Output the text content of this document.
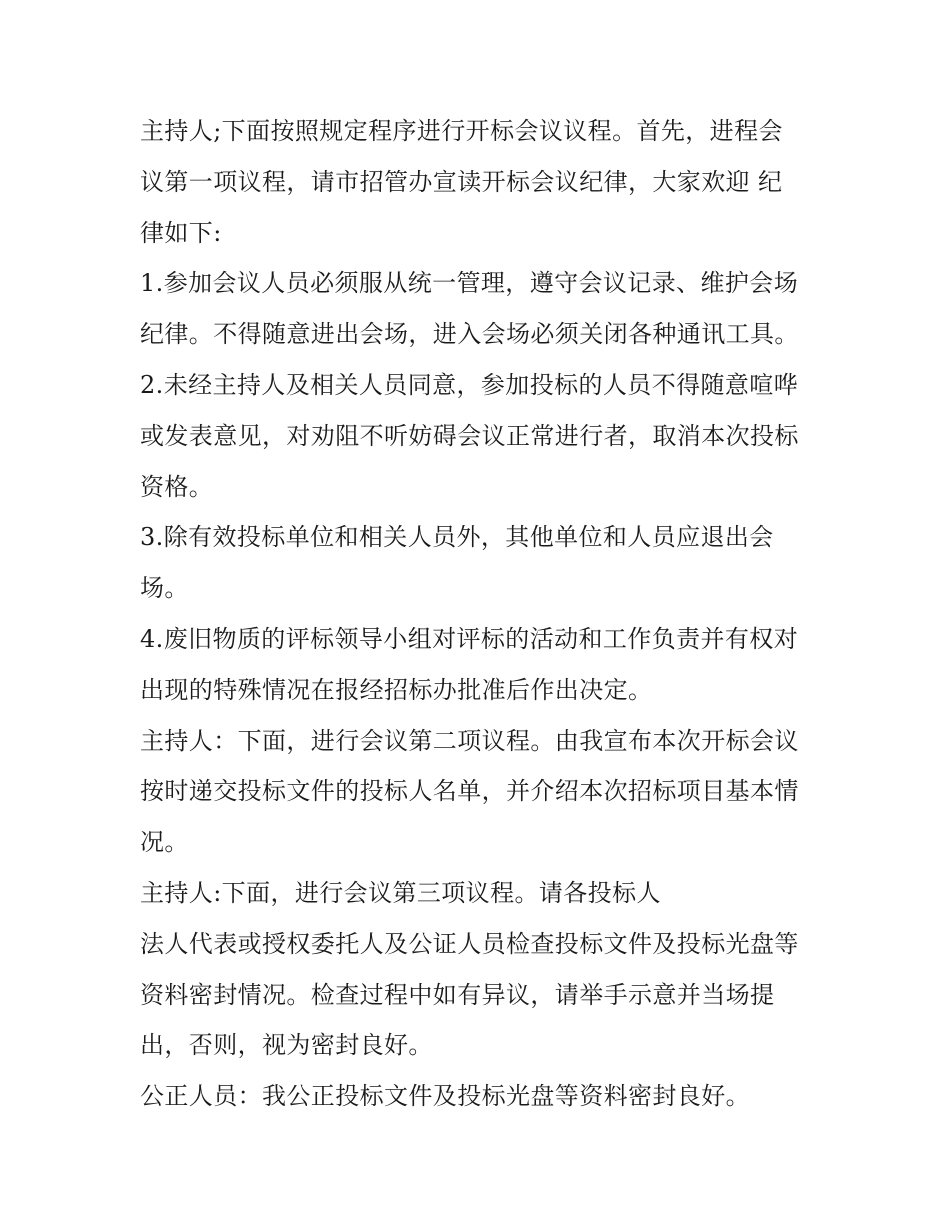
主持人;下面按照规定程序进行开标会议议程。首先，进程会
议第一项议程，请市招管办宣读开标会议纪律，大家欢迎 纪
律如下:
1.参加会议人员必须服从统一管理，遵守会议记录、维护会场
纪律。不得随意进出会场，进入会场必须关闭各种通讯工具。
2.未经主持人及相关人员同意，参加投标的人员不得随意喧哗
或发表意见，对劝阻不听妨碍会议正常进行者，取消本次投标
资格。
3.除有效投标单位和相关人员外，其他单位和人员应退出会
场。
4.废旧物质的评标领导小组对评标的活动和工作负责并有权对
出现的特殊情况在报经招标办批准后作出决定。
主持人：下面，进行会议第二项议程。由我宣布本次开标会议
按时递交投标文件的投标人名单，并介绍本次招标项目基本情
况。
主持人:下面，进行会议第三项议程。请各投标人
法人代表或授权委托人及公证人员检查投标文件及投标光盘等
资料密封情况。检查过程中如有异议，请举手示意并当场提
出，否则，视为密封良好。
公正人员：我公正投标文件及投标光盘等资料密封良好。
